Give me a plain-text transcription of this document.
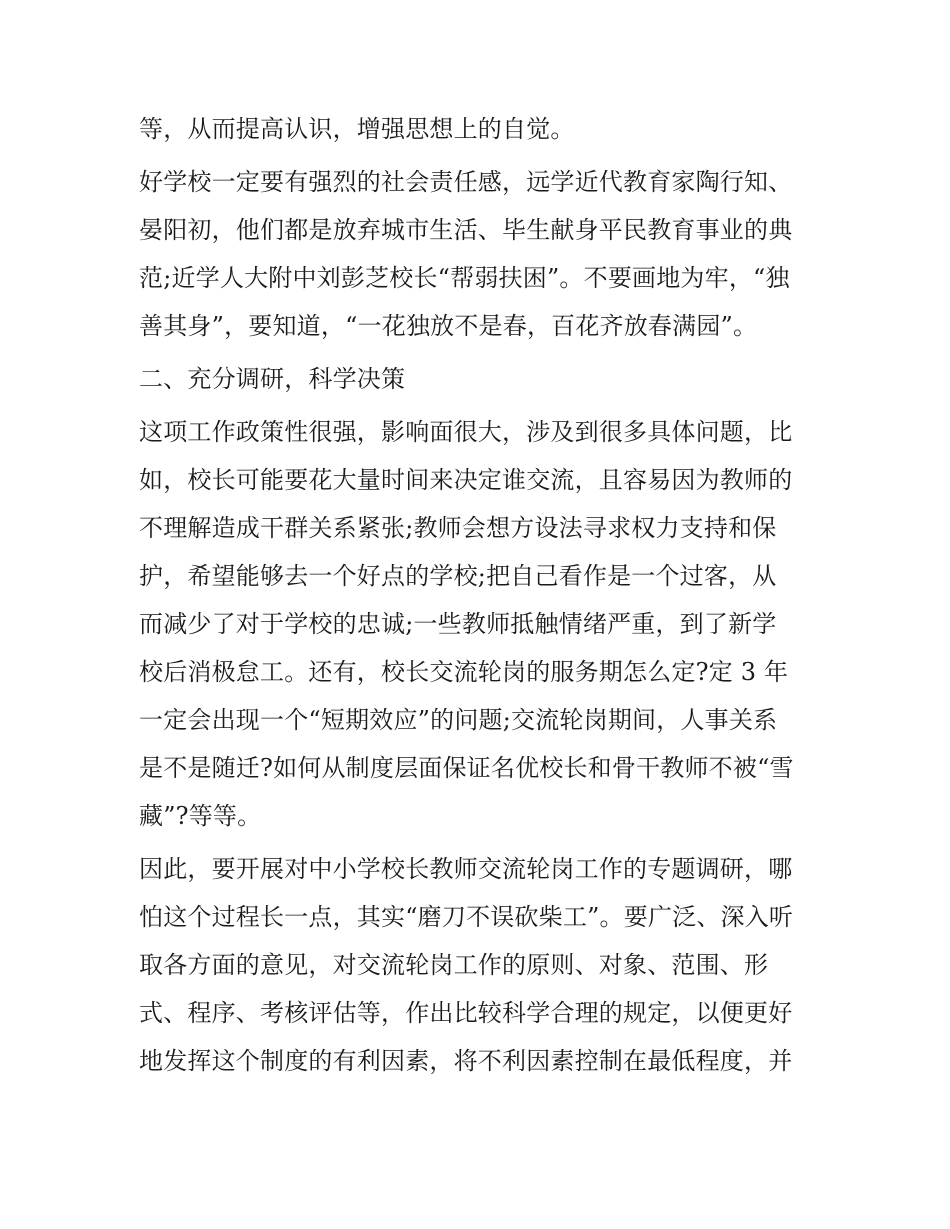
等，从而提高认识，增强思想上的自觉。
好学校一定要有强烈的社会责任感，远学近代教育家陶行知、
晏阳初，他们都是放弃城市生活、毕生献身平民教育事业的典
范;近学人大附中刘彭芝校长“帮弱扶困”。不要画地为牢，“独
善其身”，要知道，“一花独放不是春，百花齐放春满园”。
二、充分调研，科学决策
这项工作政策性很强，影响面很大，涉及到很多具体问题，比
如，校长可能要花大量时间来决定谁交流，且容易因为教师的
不理解造成干群关系紧张;教师会想方设法寻求权力支持和保
护，希望能够去一个好点的学校;把自己看作是一个过客，从
而减少了对于学校的忠诚;一些教师抵触情绪严重，到了新学
校后消极怠工。还有，校长交流轮岗的服务期怎么定?定 3 年
一定会出现一个“短期效应”的问题;交流轮岗期间，人事关系
是不是随迁?如何从制度层面保证名优校长和骨干教师不被“雪
藏”?等等。
因此，要开展对中小学校长教师交流轮岗工作的专题调研，哪
怕这个过程长一点，其实“磨刀不误砍柴工”。要广泛、深入听
取各方面的意见，对交流轮岗工作的原则、对象、范围、形
式、程序、考核评估等，作出比较科学合理的规定，以便更好
地发挥这个制度的有利因素，将不利因素控制在最低程度，并
